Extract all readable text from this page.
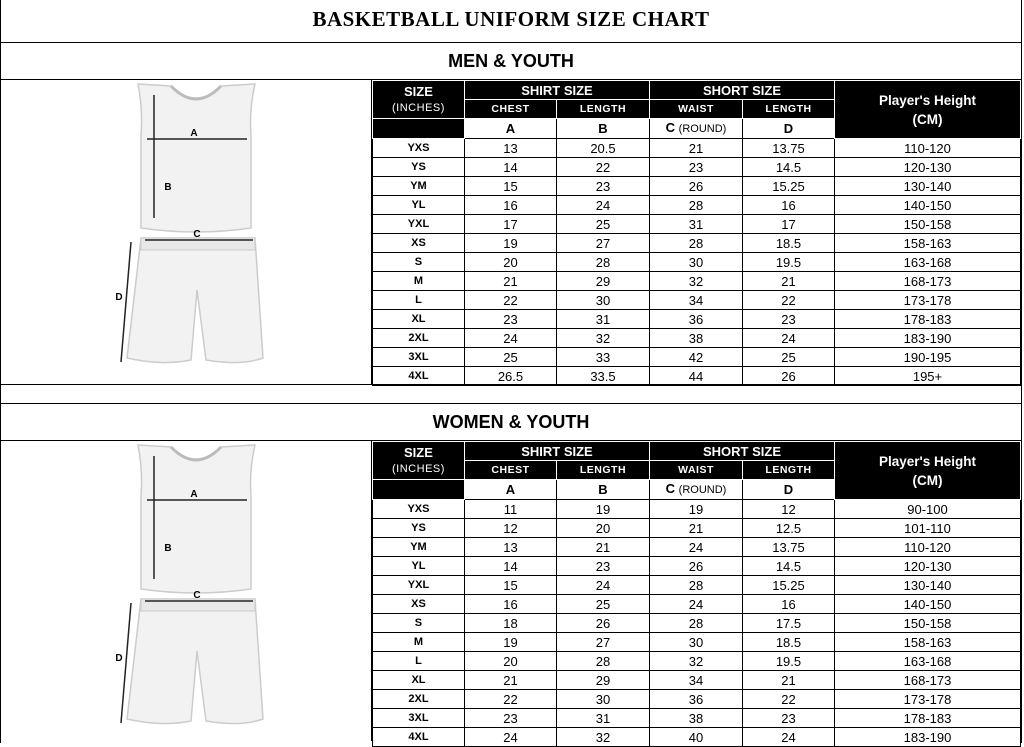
BASKETBALL UNIFORM SIZE CHART
MEN & YOUTH
A
B
C
D
SIZE
(INCHES)	SHIRT SIZE		SHORT SIZE		Player's Height
(CM)
	CHEST	LENGTH	WAIST	LENGTH	
	A	B	C (ROUND)	D	
YXS	13	20.5	21	13.75	110-120
YS	14	22	23	14.5	120-130
YM	15	23	26	15.25	130-140
YL	16	24	28	16	140-150
YXL	17	25	31	17	150-158
XS	19	27	28	18.5	158-163
S	20	28	30	19.5	163-168
M	21	29	32	21	168-173
L	22	30	34	22	173-178
XL	23	31	36	23	178-183
2XL	24	32	38	24	183-190
3XL	25	33	42	25	190-195
4XL	26.5	33.5	44	26	195+
WOMEN & YOUTH
A
B
C
D
SIZE
(INCHES)	SHIRT SIZE		SHORT SIZE		Player's Height
(CM)
	CHEST	LENGTH	WAIST	LENGTH	
	A	B	C (ROUND)	D	
YXS	11	19	19	12	90-100
YS	12	20	21	12.5	101-110
YM	13	21	24	13.75	110-120
YL	14	23	26	14.5	120-130
YXL	15	24	28	15.25	130-140
XS	16	25	24	16	140-150
S	18	26	28	17.5	150-158
M	19	27	30	18.5	158-163
L	20	28	32	19.5	163-168
XL	21	29	34	21	168-173
2XL	22	30	36	22	173-178
3XL	23	31	38	23	178-183
4XL	24	32	40	24	183-190
